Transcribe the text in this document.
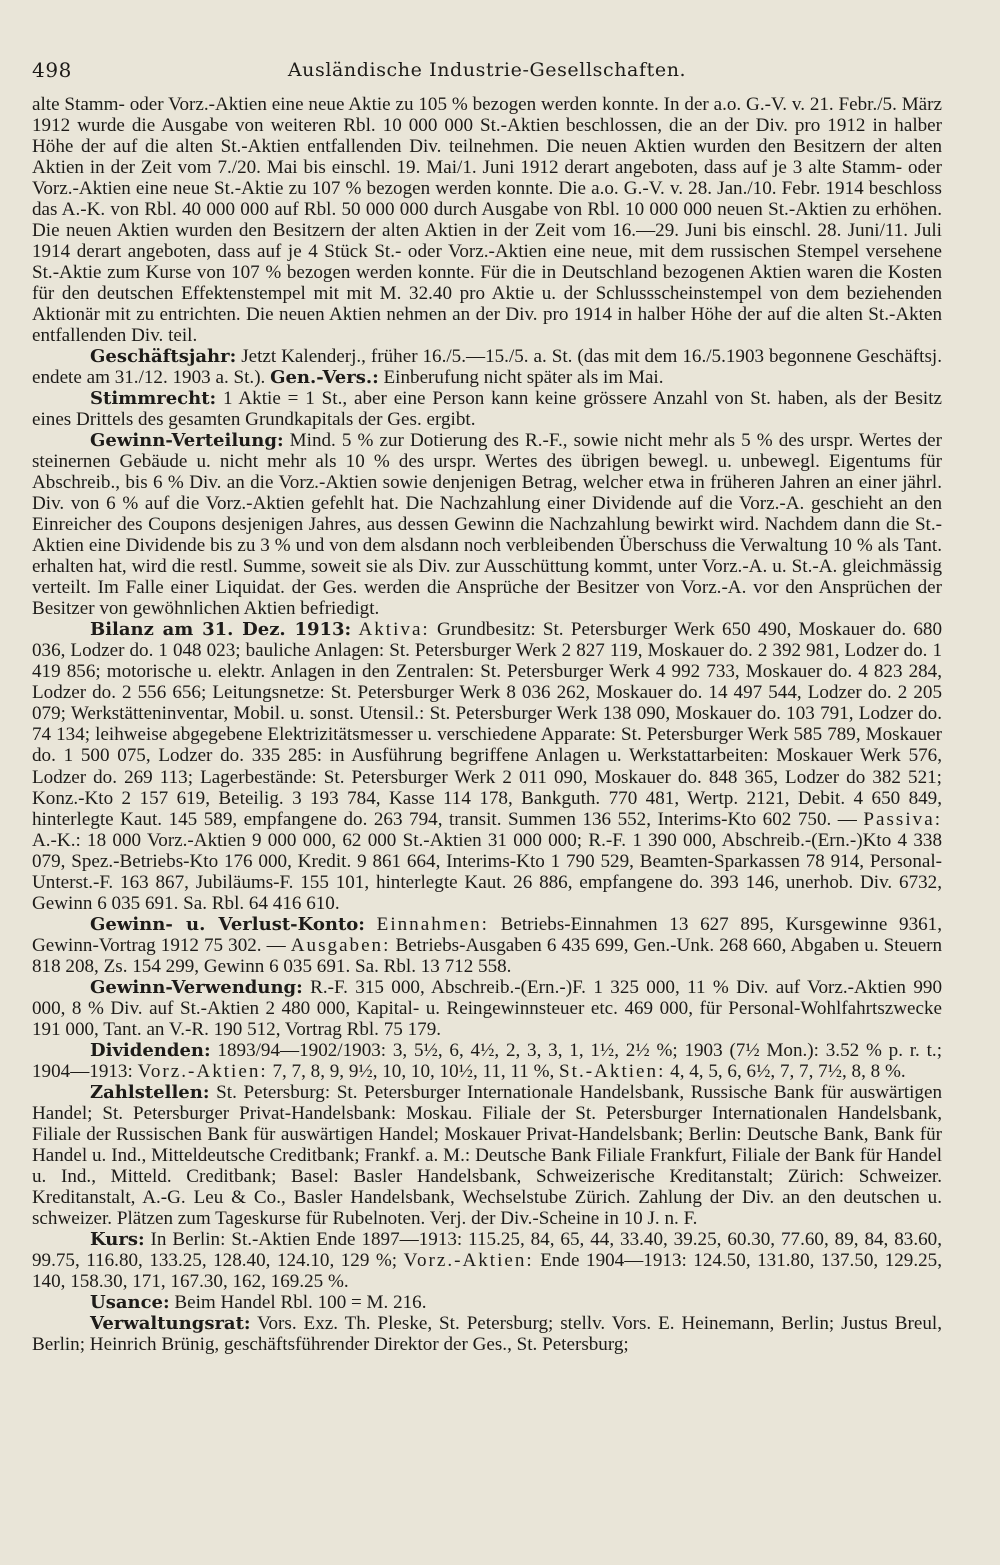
498	Ausländische Industrie-Gesellschaften.

alte Stamm- oder Vorz.-Aktien eine neue Aktie zu 105 % bezogen werden konnte. In der a.o. G.-V. v. 21. Febr./5. März 1912 wurde die Ausgabe von weiteren Rbl. 10 000 000 St.-Aktien beschlossen, die an der Div. pro 1912 in halber Höhe der auf die alten St.-Aktien entfallenden Div. teilnehmen. Die neuen Aktien wurden den Besitzern der alten Aktien in der Zeit vom 7./20. Mai bis einschl. 19. Mai/1. Juni 1912 derart angeboten, dass auf je 3 alte Stamm- oder Vorz.-Aktien eine neue St.-Aktie zu 107 % bezogen werden konnte. Die a.o. G.-V. v. 28. Jan./10. Febr. 1914 beschloss das A.-K. von Rbl. 40 000 000 auf Rbl. 50 000 000 durch Ausgabe von Rbl. 10 000 000 neuen St.-Aktien zu erhöhen. Die neuen Aktien wurden den Besitzern der alten Aktien in der Zeit vom 16.—29. Juni bis einschl. 28. Juni/11. Juli 1914 derart angeboten, dass auf je 4 Stück St.- oder Vorz.-Aktien eine neue, mit dem russischen Stempel versehene St.-Aktie zum Kurse von 107 % bezogen werden konnte. Für die in Deutschland bezogenen Aktien waren die Kosten für den deutschen Effektenstempel mit mit M. 32.40 pro Aktie u. der Schlussscheinstempel von dem beziehenden Aktionär mit zu entrichten. Die neuen Aktien nehmen an der Div. pro 1914 in halber Höhe der auf die alten St.-Akten entfallenden Div. teil.

Geschäftsjahr: Jetzt Kalenderj., früher 16./5.—15./5. a. St. (das mit dem 16./5.1903 begonnene Geschäftsj. endete am 31./12. 1903 a. St.). Gen.-Vers.: Einberufung nicht später als im Mai.

Stimmrecht: 1 Aktie = 1 St., aber eine Person kann keine grössere Anzahl von St. haben, als der Besitz eines Drittels des gesamten Grundkapitals der Ges. ergibt.

Gewinn-Verteilung: Mind. 5 % zur Dotierung des R.-F., sowie nicht mehr als 5 % des urspr. Wertes der steinernen Gebäude u. nicht mehr als 10 % des urspr. Wertes des übrigen bewegl. u. unbewegl. Eigentums für Abschreib., bis 6 % Div. an die Vorz.-Aktien sowie denjenigen Betrag, welcher etwa in früheren Jahren an einer jährl. Div. von 6 % auf die Vorz.-Aktien gefehlt hat. Die Nachzahlung einer Dividende auf die Vorz.-A. geschieht an den Einreicher des Coupons desjenigen Jahres, aus dessen Gewinn die Nachzahlung bewirkt wird. Nachdem dann die St.-Aktien eine Dividende bis zu 3 % und von dem alsdann noch verbleibenden Überschuss die Verwaltung 10 % als Tant. erhalten hat, wird die restl. Summe, soweit sie als Div. zur Ausschüttung kommt, unter Vorz.-A. u. St.-A. gleichmässig verteilt. Im Falle einer Liquidat. der Ges. werden die Ansprüche der Besitzer von Vorz.-A. vor den Ansprüchen der Besitzer von gewöhnlichen Aktien befriedigt.

Bilanz am 31. Dez. 1913: Aktiva: Grundbesitz: St. Petersburger Werk 650 490, Moskauer do. 680 036, Lodzer do. 1 048 023; bauliche Anlagen: St. Petersburger Werk 2 827 119, Moskauer do. 2 392 981, Lodzer do. 1 419 856; motorische u. elektr. Anlagen in den Zentralen: St. Petersburger Werk 4 992 733, Moskauer do. 4 823 284, Lodzer do. 2 556 656; Leitungsnetze: St. Petersburger Werk 8 036 262, Moskauer do. 14 497 544, Lodzer do. 2 205 079; Werkstätteninventar, Mobil. u. sonst. Utensil.: St. Petersburger Werk 138 090, Moskauer do. 103 791, Lodzer do. 74 134; leihweise abgegebene Elektrizitätsmesser u. verschiedene Apparate: St. Petersburger Werk 585 789, Moskauer do. 1 500 075, Lodzer do. 335 285: in Ausführung begriffene Anlagen u. Werkstattarbeiten: Moskauer Werk 576, Lodzer do. 269 113; Lagerbestände: St. Petersburger Werk 2 011 090, Moskauer do. 848 365, Lodzer do 382 521; Konz.-Kto 2 157 619, Beteilig. 3 193 784, Kasse 114 178, Bankguth. 770 481, Wertp. 2121, Debit. 4 650 849, hinterlegte Kaut. 145 589, empfangene do. 263 794, transit. Summen 136 552, Interims-Kto 602 750. — Passiva: A.-K.: 18 000 Vorz.-Aktien 9 000 000, 62 000 St.-Aktien 31 000 000; R.-F. 1 390 000, Abschreib.-(Ern.-)Kto 4 338 079, Spez.-Betriebs-Kto 176 000, Kredit. 9 861 664, Interims-Kto 1 790 529, Beamten-Sparkassen 78 914, Personal-Unterst.-F. 163 867, Jubiläums-F. 155 101, hinterlegte Kaut. 26 886, empfangene do. 393 146, unerhob. Div. 6732, Gewinn 6 035 691. Sa. Rbl. 64 416 610.

Gewinn- u. Verlust-Konto: Einnahmen: Betriebs-Einnahmen 13 627 895, Kursgewinne 9361, Gewinn-Vortrag 1912 75 302. — Ausgaben: Betriebs-Ausgaben 6 435 699, Gen.-Unk. 268 660, Abgaben u. Steuern 818 208, Zs. 154 299, Gewinn 6 035 691. Sa. Rbl. 13 712 558.

Gewinn-Verwendung: R.-F. 315 000, Abschreib.-(Ern.-)F. 1 325 000, 11 % Div. auf Vorz.-Aktien 990 000, 8 % Div. auf St.-Aktien 2 480 000, Kapital- u. Reingewinnsteuer etc. 469 000, für Personal-Wohlfahrtszwecke 191 000, Tant. an V.-R. 190 512, Vortrag Rbl. 75 179.

Dividenden: 1893/94—1902/1903: 3, 5½, 6, 4½, 2, 3, 3, 1, 1½, 2½ %; 1903 (7½ Mon.): 3.52 % p. r. t.; 1904—1913: Vorz.-Aktien: 7, 7, 8, 9, 9½, 10, 10, 10½, 11, 11 %, St.-Aktien: 4, 4, 5, 6, 6½, 7, 7, 7½, 8, 8 %.

Zahlstellen: St. Petersburg: St. Petersburger Internationale Handelsbank, Russische Bank für auswärtigen Handel; St. Petersburger Privat-Handelsbank: Moskau. Filiale der St. Petersburger Internationalen Handelsbank, Filiale der Russischen Bank für auswärtigen Handel; Moskauer Privat-Handelsbank; Berlin: Deutsche Bank, Bank für Handel u. Ind., Mitteldeutsche Creditbank; Frankf. a. M.: Deutsche Bank Filiale Frankfurt, Filiale der Bank für Handel u. Ind., Mitteld. Creditbank; Basel: Basler Handelsbank, Schweizerische Kreditanstalt; Zürich: Schweizer. Kreditanstalt, A.-G. Leu & Co., Basler Handelsbank, Wechselstube Zürich. Zahlung der Div. an den deutschen u. schweizer. Plätzen zum Tageskurse für Rubelnoten. Verj. der Div.-Scheine in 10 J. n. F.

Kurs: In Berlin: St.-Aktien Ende 1897—1913: 115.25, 84, 65, 44, 33.40, 39.25, 60.30, 77.60, 89, 84, 83.60, 99.75, 116.80, 133.25, 128.40, 124.10, 129 %; Vorz.-Aktien: Ende 1904—1913: 124.50, 131.80, 137.50, 129.25, 140, 158.30, 171, 167.30, 162, 169.25 %.

Usance: Beim Handel Rbl. 100 = M. 216.

Verwaltungsrat: Vors. Exz. Th. Pleske, St. Petersburg; stellv. Vors. E. Heinemann, Berlin; Justus Breul, Berlin; Heinrich Brünig, geschäftsführender Direktor der Ges., St. Petersburg;
